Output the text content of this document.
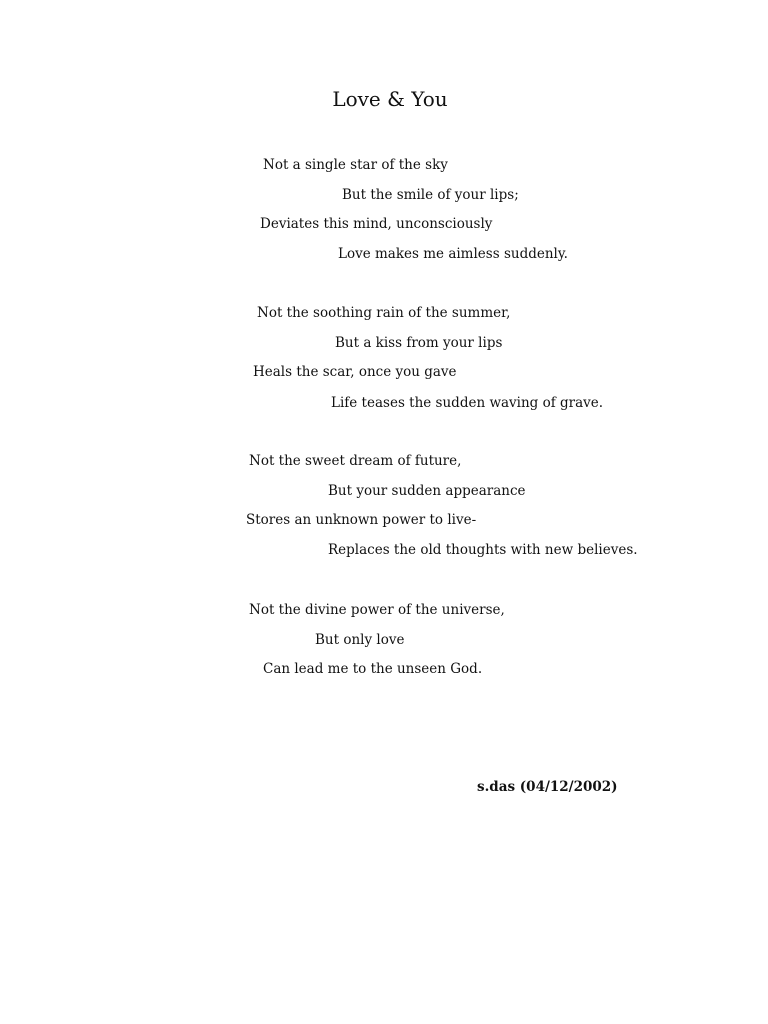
Love & You
Not a single star of the sky
But the smile of your lips;
Deviates this mind, unconsciously
Love makes me aimless suddenly.
Not the soothing rain of the summer,
But a kiss from your lips
Heals the scar, once you gave
Life teases the sudden waving of grave.
Not the sweet dream of future,
But your sudden appearance
Stores an unknown power to live-
Replaces the old thoughts with new believes.
Not the divine power of the universe,
But only love
Can lead me to the unseen God.
s.das (04/12/2002)
